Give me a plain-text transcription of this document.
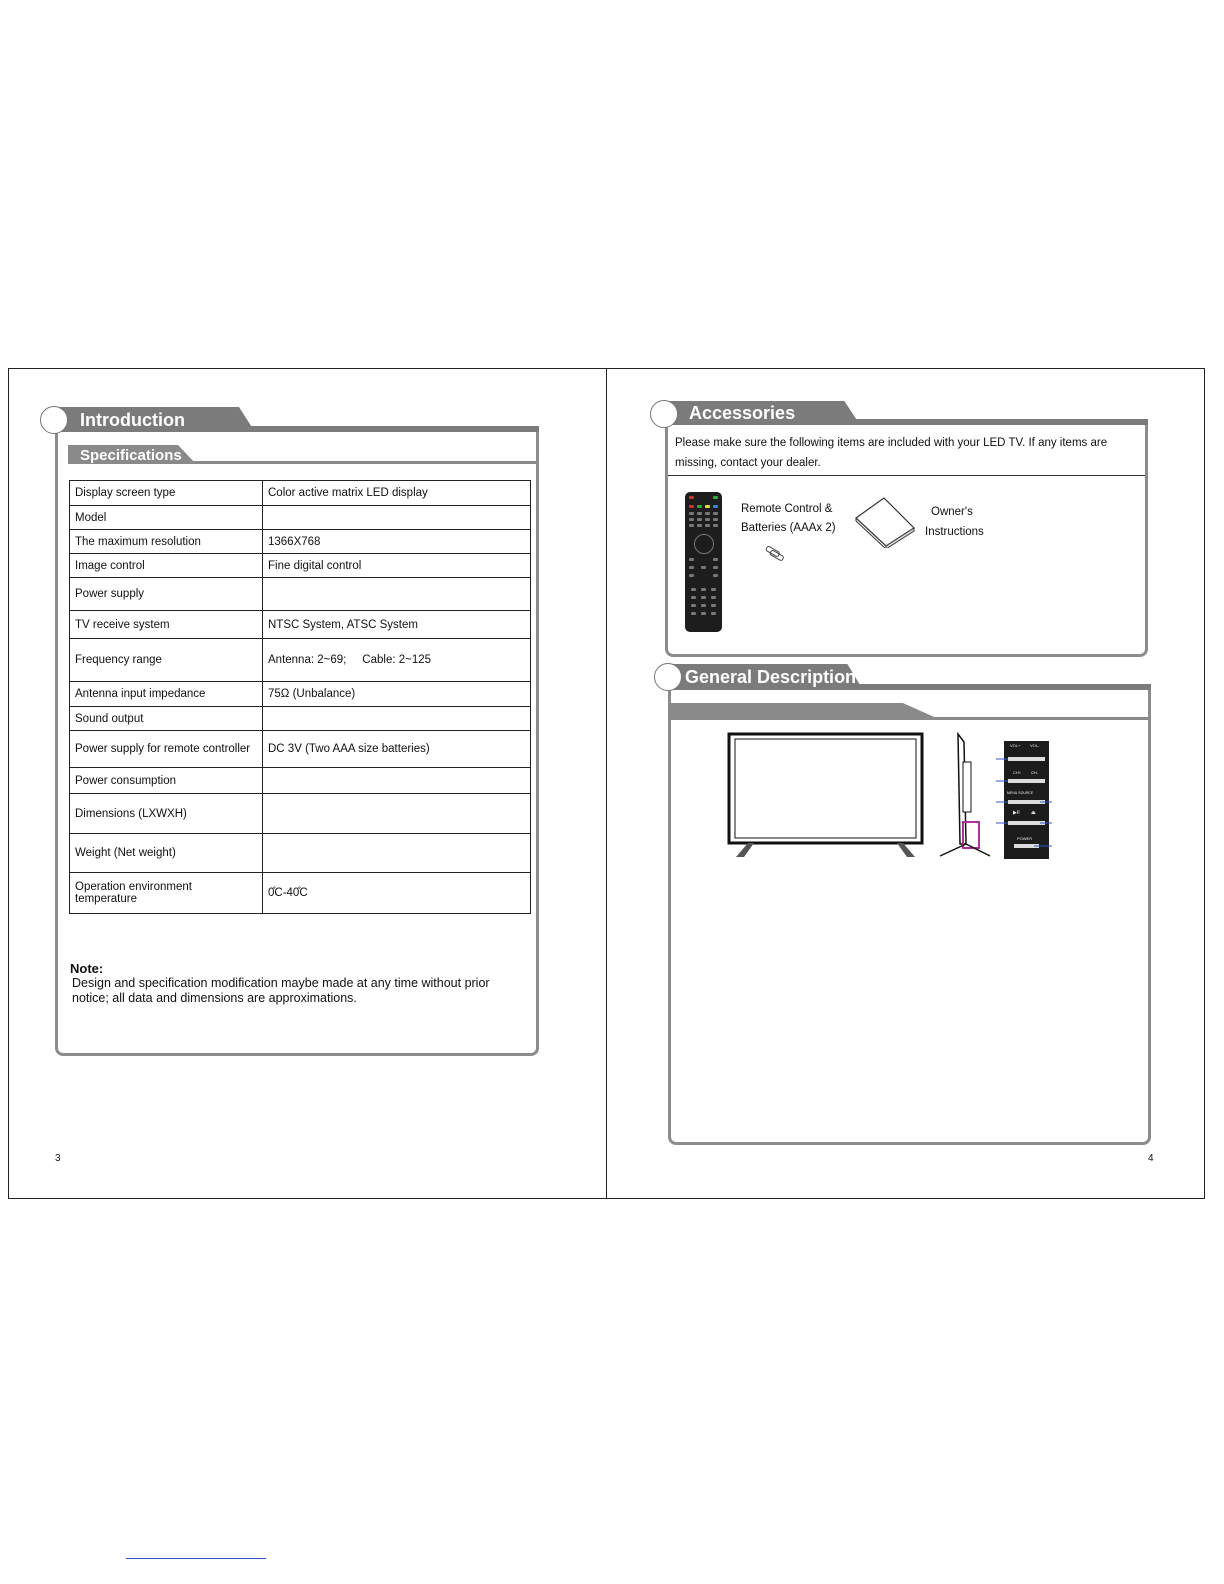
Introduction
Specifications
Display screen type	Color active matrix LED display
Model	
The maximum resolution	1366X768
Image control	Fine digital control
Power supply	
TV receive system	NTSC System, ATSC System
Frequency range	Antenna: 2~69;     Cable: 2~125
Antenna input impedance	75Ω (Unbalance)
Sound output	
Power supply for remote controller	DC 3V (Two AAA size batteries)
Power consumption	
Dimensions (LXWXH)	
Weight (Net weight)	
Operation environment temperature	0̊C-40̊C
Note:
Design and specification modification maybe made at any time without prior notice; all data and dimensions are approximations.
3
Accessories
Please make sure the following items are included with your LED TV. If any items are missing, contact your dealer.
Remote Control &
Batteries (AAAx 2)
Owner's
Instructions
General Description
VOL+ VOL-
CH+ CH-
MENU SOURCE
▶II ⏏
POWER
4
